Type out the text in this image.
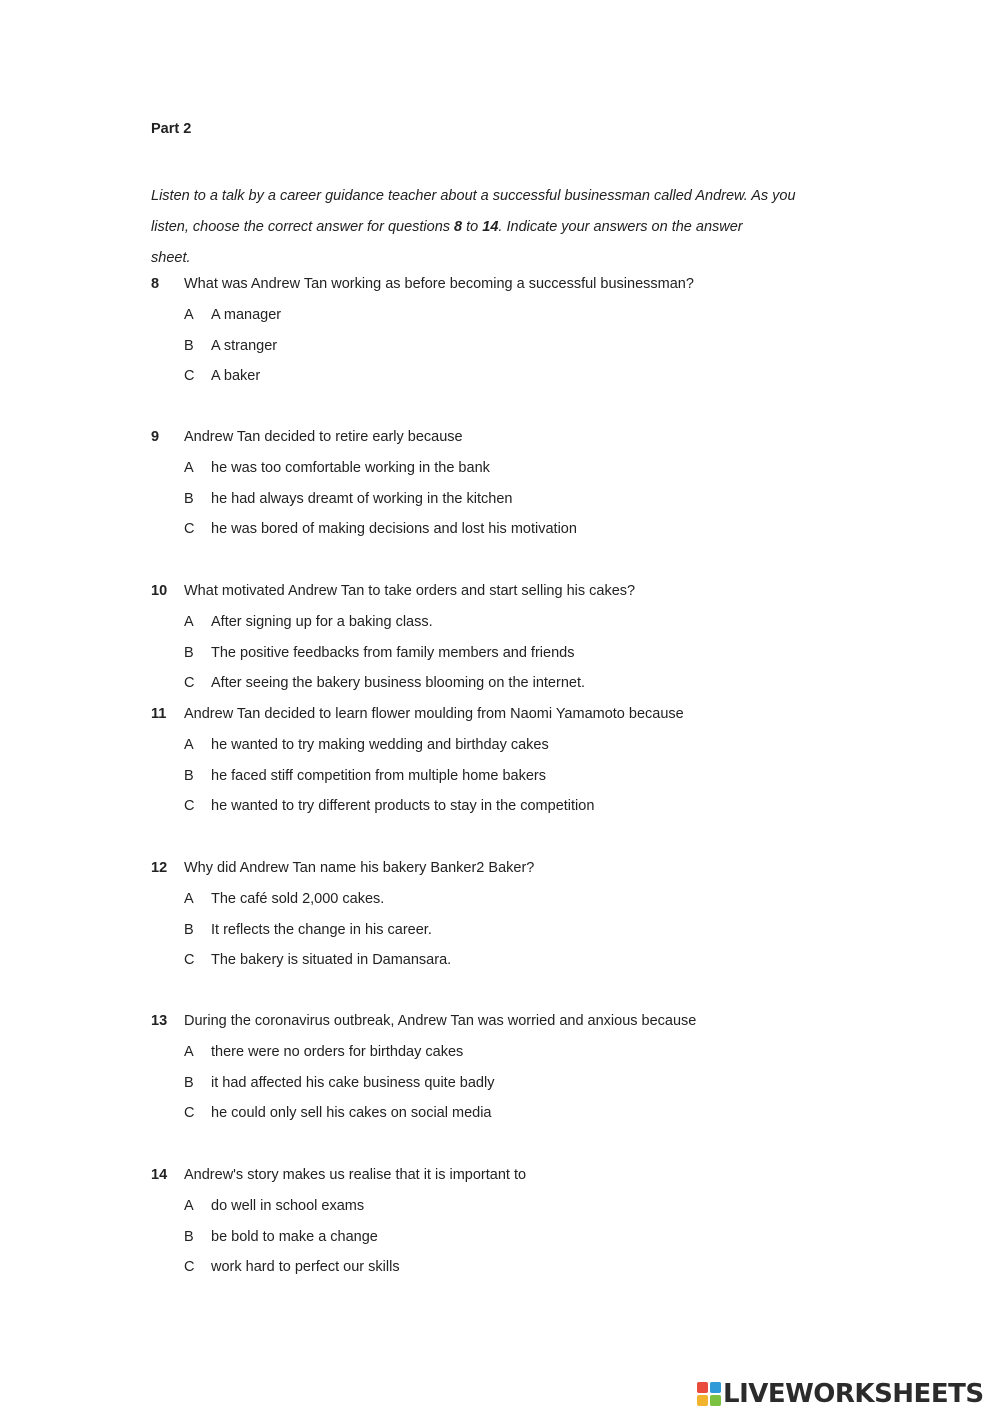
Part 2
Listen to a talk by a career guidance teacher about a successful businessman called Andrew. As you
listen, choose the correct answer for questions 8 to 14. Indicate your answers on the answer
sheet.
8 What was Andrew Tan working as before becoming a successful businessman?
A A manager
B A stranger
C A baker
9 Andrew Tan decided to retire early because
A he was too comfortable working in the bank
B he had always dreamt of working in the kitchen
C he was bored of making decisions and lost his motivation
10 What motivated Andrew Tan to take orders and start selling his cakes?
A After signing up for a baking class.
B The positive feedbacks from family members and friends
C After seeing the bakery business blooming on the internet.
11 Andrew Tan decided to learn flower moulding from Naomi Yamamoto because
A he wanted to try making wedding and birthday cakes
B he faced stiff competition from multiple home bakers
C he wanted to try different products to stay in the competition
12 Why did Andrew Tan name his bakery Banker2 Baker?
A The café sold 2,000 cakes.
B It reflects the change in his career.
C The bakery is situated in Damansara.
13 During the coronavirus outbreak, Andrew Tan was worried and anxious because
A there were no orders for birthday cakes
B it had affected his cake business quite badly
C he could only sell his cakes on social media
14 Andrew's story makes us realise that it is important to
A do well in school exams
B be bold to make a change
C work hard to perfect our skills
LIVEWORKSHEETS
